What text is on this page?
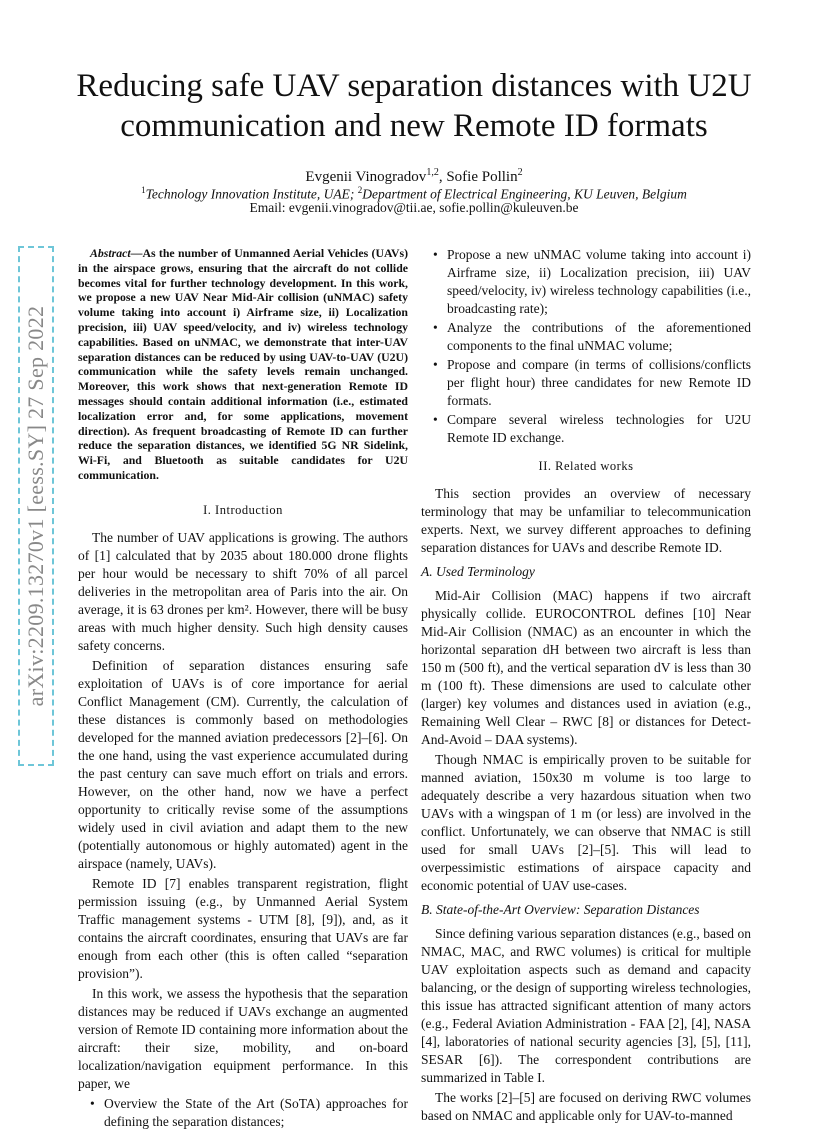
arXiv:2209.13270v1 [eess.SY] 27 Sep 2022
Reducing safe UAV separation distances with U2U communication and new Remote ID formats
Evgenii Vinogradov$^{1,2}$, Sofie Pollin$^2$
$^1$Technology Innovation Institute, UAE; $^2$Department of Electrical Engineering, KU Leuven, Belgium
Email: evgenii.vinogradov@tii.ae, sofie.pollin@kuleuven.be

Abstract—As the number of Unmanned Aerial Vehicles (UAVs) in the airspace grows, ensuring that the aircraft do not collide becomes vital for further technology development. In this work, we propose a new UAV Near Mid-Air collision (uNMAC) safety volume taking into account i) Airframe size, ii) Localization precision, iii) UAV speed/velocity, and iv) wireless technology capabilities. Based on uNMAC, we demonstrate that inter-UAV separation distances can be reduced by using UAV-to-UAV (U2U) communication while the safety levels remain unchanged. Moreover, this work shows that next-generation Remote ID messages should contain additional information (i.e., estimated localization error and, for some applications, movement direction). As frequent broadcasting of Remote ID can further reduce the separation distances, we identified 5G NR Sidelink, Wi-Fi, and Bluetooth as suitable candidates for U2U communication.

I. Introduction

The number of UAV applications is growing. The authors of [1] calculated that by 2035 about 180.000 drone flights per hour would be necessary to shift 70% of all parcel deliveries in the metropolitan area of Paris into the air. On average, it is 63 drones per km². However, there will be busy areas with much higher density. Such high density causes safety concerns.

Definition of separation distances ensuring safe exploitation of UAVs is of core importance for aerial Conflict Management (CM). Currently, the calculation of these distances is commonly based on methodologies developed for the manned aviation predecessors [2]–[6]. On the one hand, using the vast experience accumulated during the past century can save much effort on trials and errors. However, on the other hand, now we have a perfect opportunity to critically revise some of the assumptions widely used in civil aviation and adapt them to the new (potentially autonomous or highly automated) agent in the airspace (namely, UAVs).

Remote ID [7] enables transparent registration, flight permission issuing (e.g., by Unmanned Aerial System Traffic management systems - UTM [8], [9]), and, as it contains the aircraft coordinates, ensuring that UAVs are far enough from each other (this is often called “separation provision”).

In this work, we assess the hypothesis that the separation distances may be reduced if UAVs exchange an augmented version of Remote ID containing more information about the aircraft: their size, mobility, and on-board localization/navigation equipment performance. In this paper, we

• Overview the State of the Art (SoTA) approaches for defining the separation distances;
• Propose a new uNMAC volume taking into account i) Airframe size, ii) Localization precision, iii) UAV speed/velocity, iv) wireless technology capabilities (i.e., broadcasting rate);
• Analyze the contributions of the aforementioned components to the final uNMAC volume;
• Propose and compare (in terms of collisions/conflicts per flight hour) three candidates for new Remote ID formats.
• Compare several wireless technologies for U2U Remote ID exchange.
II. Related works

This section provides an overview of necessary terminology that may be unfamiliar to telecommunication experts. Next, we survey different approaches to defining separation distances for UAVs and describe Remote ID.

A. Used Terminology

Mid-Air Collision (MAC) happens if two aircraft physically collide. EUROCONTROL defines [10] Near Mid-Air Collision (NMAC) as an encounter in which the horizontal separation dH between two aircraft is less than 150 m (500 ft), and the vertical separation dV is less than 30 m (100 ft). These dimensions are used to calculate other (larger) key volumes and distances used in aviation (e.g., Remaining Well Clear – RWC [8] or distances for Detect-And-Avoid – DAA systems).

Though NMAC is empirically proven to be suitable for manned aviation, 150x30 m volume is too large to adequately describe a very hazardous situation when two UAVs with a wingspan of 1 m (or less) are involved in the conflict. Unfortunately, we can observe that NMAC is still used for small UAVs [2]–[5]. This will lead to overpessimistic estimations of airspace capacity and economic potential of UAV use-cases.

B. State-of-the-Art Overview: Separation Distances

Since defining various separation distances (e.g., based on NMAC, MAC, and RWC volumes) is critical for multiple UAV exploitation aspects such as demand and capacity balancing, or the design of supporting wireless technologies, this issue has attracted significant attention of many actors (e.g., Federal Aviation Administration - FAA [2], [4], NASA [4], laboratories of national security agencies [3], [5], [11], SESAR [6]). The correspondent contributions are summarized in Table I.

The works [2]–[5] are focused on deriving RWC volumes based on NMAC and applicable only for UAV-to-manned
